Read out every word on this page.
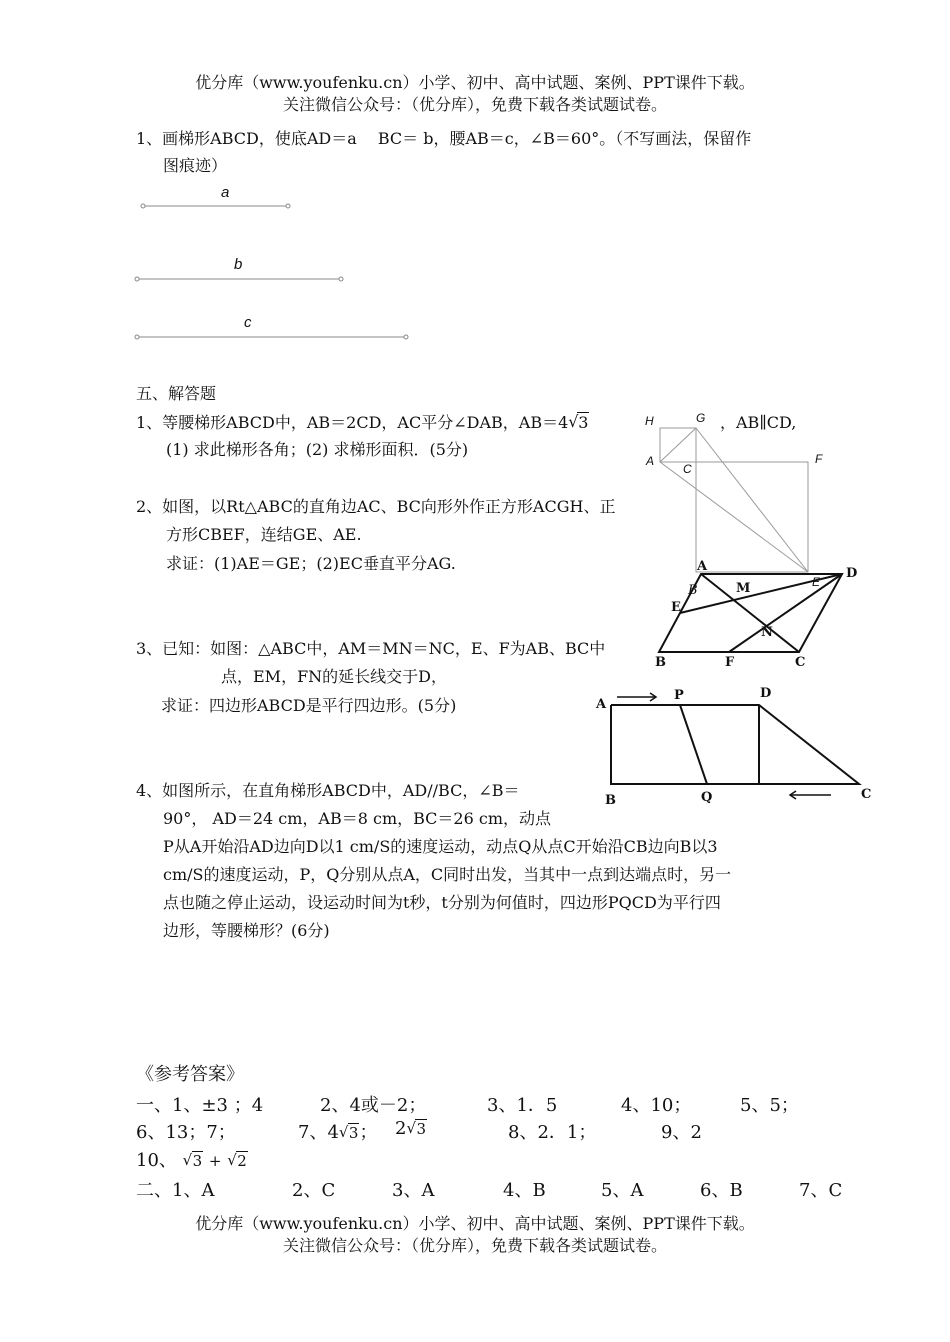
优分库（www.youfenku.cn）小学、初中、高中试题、案例、PPT课件下载。
关注微信公众号：（优分库），免费下载各类试题试卷。
1、画梯形ABCD，使底AD＝a　 BC＝ b，腰AB＝c，∠B＝60°。（不写画法，保留作
图痕迹）
a
b
c
五、解答题
1、等腰梯形ABCD中，AB＝2CD，AC平分∠DAB，AB＝4 √ 3	，AB∥CD,
(1) 求此梯形各角；(2) 求梯形面积．(5分)
2、如图，以Rt△ABC的直角边AC、BC向形外作正方形ACGH、正
方形CBEF，连结GE、AE.
求证：(1)AE＝GE；(2)EC垂直平分AG.
3、已知：如图：△ABC中，AM＝MN＝NC，E、F为AB、BC中
点，EM，FN的延长线交于D，
求证：四边形ABCD是平行四边形。(5分)
4、如图所示，在直角梯形ABCD中，AD//BC，∠B＝
90°， AD＝24 cm，AB＝8 cm，BC＝26 cm，动点
P从A开始沿AD边向D以1 cm/S的速度运动，动点Q从点C开始沿CB边向B以3
cm/S的速度运动，P，Q分别从点A，C同时出发，当其中一点到达端点时，另一
点也随之停止运动，设运动时间为t秒，t分别为何值时，四边形PQCD为平行四
边形，等腰梯形？(6分)
H	G
A
C
F
E
A	D
B	M
E
N
B	F	C
A
P	D
B	Q	C
《参考答案》
一、1、±3 ；4	2、4或－2；	3、1．5	4、10；	5、5；
6、13；7；	7、4 √ 3； 2 √ 3	8、2．1；	9、2
10、 √ 3 + √ 2
二、1、A	2、C	3、A	4、B	5、A	6、B	7、C
优分库（www.youfenku.cn）小学、初中、高中试题、案例、PPT课件下载。
关注微信公众号：（优分库），免费下载各类试题试卷。
